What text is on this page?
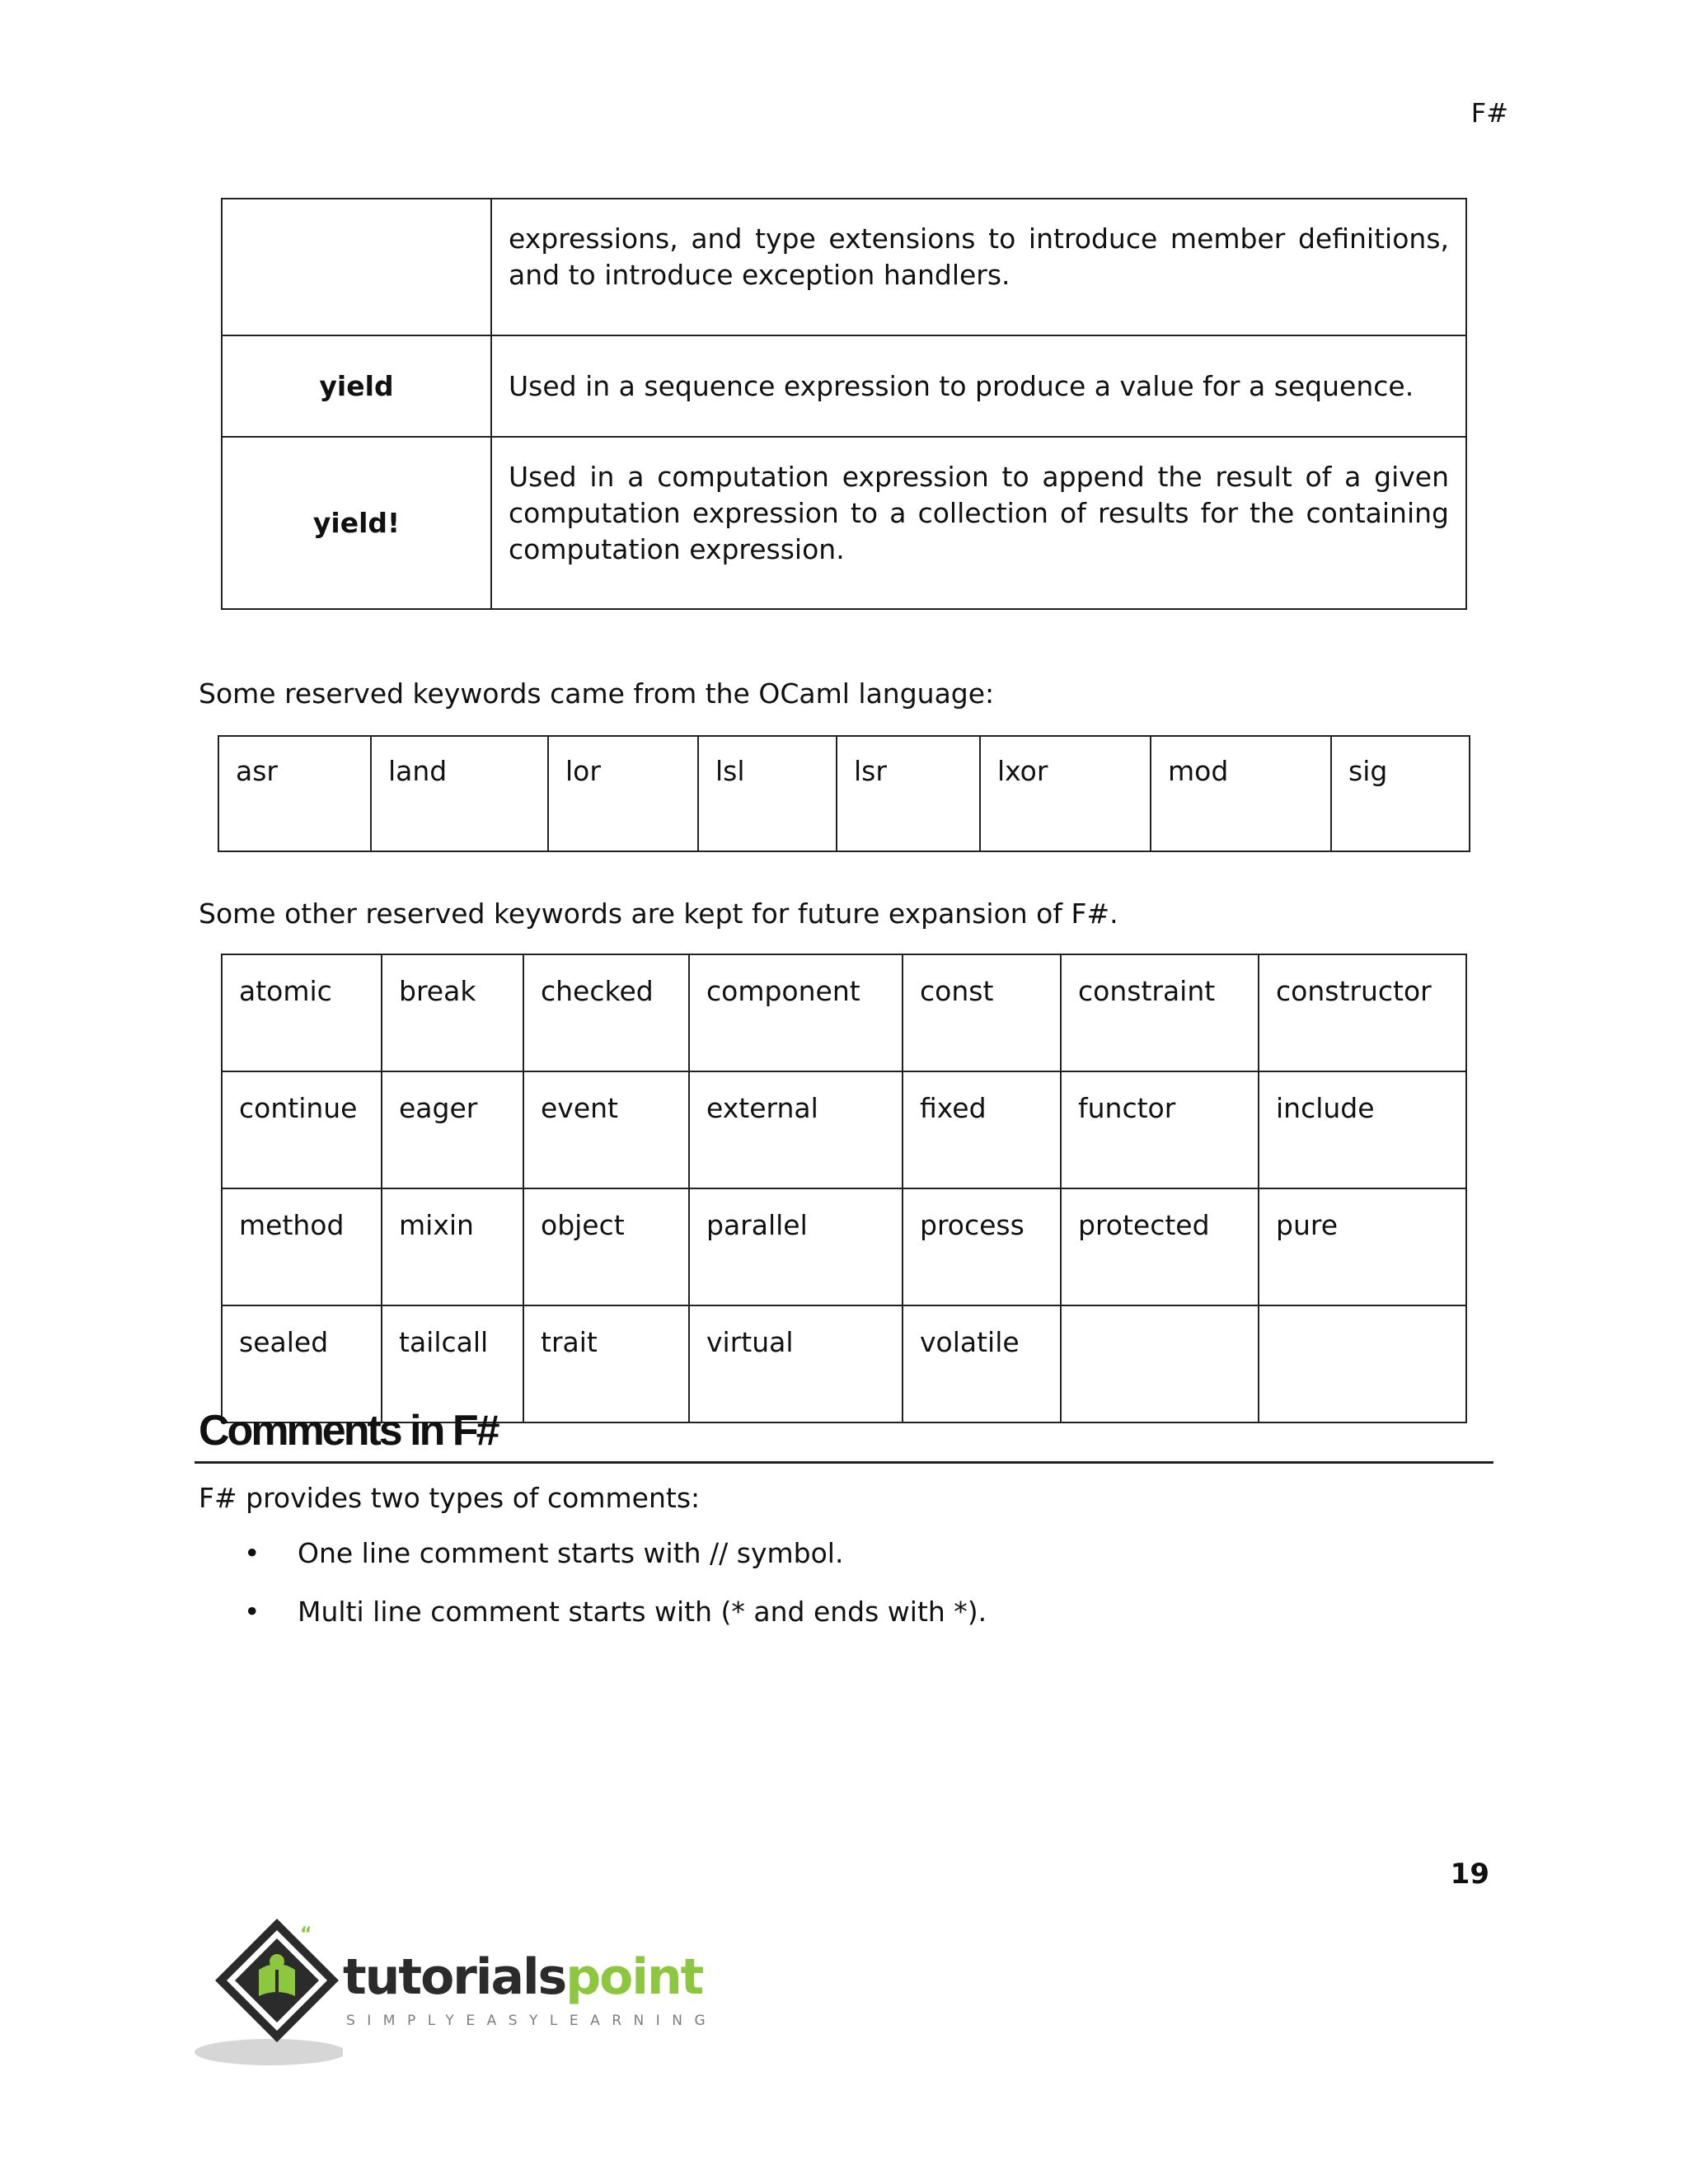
F#
	expressions, and type extensions to introduce member definitions, and to introduce exception handlers.
yield	Used in a sequence expression to produce a value for a sequence.
yield!	Used in a computation expression to append the result of a given computation expression to a collection of results for the containing computation expression.
Some reserved keywords came from the OCaml language:
asr	land	lor	lsl	lsr	lxor	mod	sig
Some other reserved keywords are kept for future expansion of F#.
atomic	break	checked	component	const	constraint	constructor
continue	eager	event	external	fixed	functor	include
method	mixin	object	parallel	process	protected	pure
sealed	tailcall	trait	virtual	volatile		
Comments in F#
F# provides two types of comments:
• One line comment starts with // symbol.
• Multi line comment starts with (* and ends with *).
19
“
tutorialspoint
SIMPLYEASYLEARNING
